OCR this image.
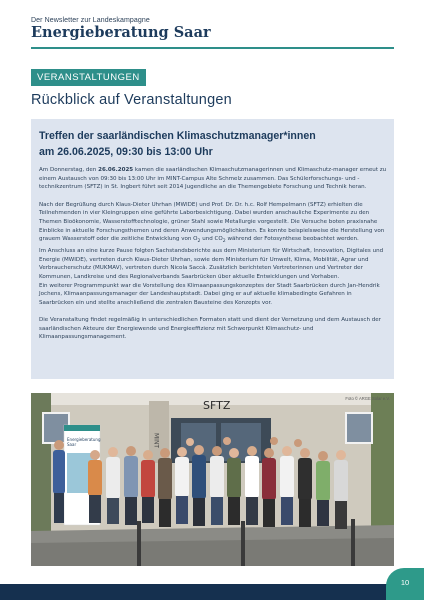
Der Newsletter zur Landeskampagne
Energieberatung Saar
VERANSTALTUNGEN
Rückblick auf Veranstaltungen
Treffen der saarländischen Klimaschutzmanager*innen
am 26.06.2025, 09:30 bis 13:00 Uhr

Am Donnerstag, den 26.06.2025 kamen die saarländischen Klimaschutzmanagerinnen und Klimaschutz-manager erneut zu einem Austausch von 09:30 bis 13:00 Uhr im MINT-Campus Alte Schmelz zusammen. Das Schülerforschungs- und -technikzentrum (SFTZ) in St. Ingbert führt seit 2014 Jugendliche an die Themengebiete Forschung und Technik heran.

Nach der Begrüßung durch Klaus-Dieter Uhrhan (MWIDE) und Prof. Dr. Dr. h.c. Rolf Hempelmann (SFTZ) erhielten die Teilnehmenden in vier Kleingruppen eine geführte Laborbesichtigung. Dabei wurden anschauliche Experimente zu den Themen Bioökonomie, Wasserstofftechnologie, grüner Stahl sowie Metallurgie vorgestellt. Die Versuche boten praxisnahe Einblicke in aktuelle Forschungsthemen und deren Anwendungsmöglichkeiten. Es konnte beispielsweise die Herstellung von grauem Wasserstoff oder die zeitliche Entwicklung von $O_2$ und $CO_2$ während der Fotosynthese beobachtet werden.
Im Anschluss an eine kurze Pause folgten Sachstandsberichte aus dem Ministerium für Wirtschaft, Innovation, Digitales und Energie (MWIDE), vertreten durch Klaus-Dieter Uhrhan, sowie dem Ministerium für Umwelt, Klima, Mobilität, Agrar und Verbraucherschutz (MUKMAV), vertreten durch Nicola Saccà. Zusätzlich berichteten Vertreterinnen und Vertreter der Kommunen, Landkreise und des Regionalverbands Saarbrücken über aktuelle Entwicklungen und Vorhaben.
Ein weiterer Programmpunkt war die Vorstellung des Klimaanpassungskonzeptes der Stadt Saarbrücken durch Jan-Hendrik Jochens, Klimaanpassungsmanager der Landeshauptstadt. Dabei ging er auf aktuelle klimabedingte Gefahren in Saarbrücken ein und stellte anschließend die zentralen Bausteine des Konzepts vor.

Die Veranstaltung findet regelmäßig in unterschiedlichen Formaten statt und dient der Vernetzung und dem Austausch der saarländischen Akteure der Energiewende und Energieeffizienz mit Schwerpunkt Klimaschutz- und Klimaanpassungsmanagement.

SFTZ
MINT
Energieberatung
Saar
Foto © ARGE Solar e.V.
10
